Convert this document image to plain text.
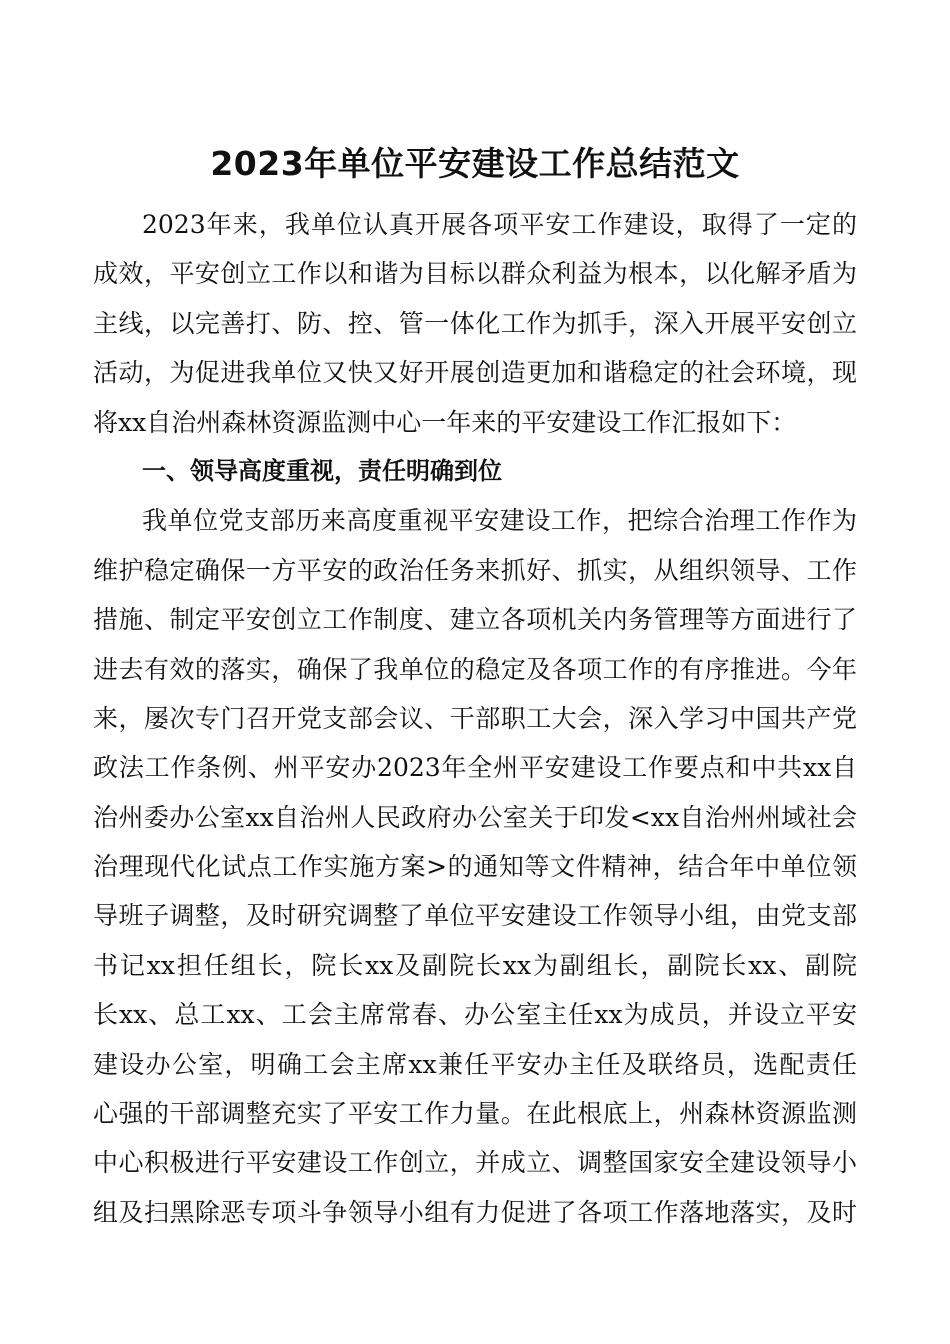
2023年单位平安建设工作总结范文
2023年来，我单位认真开展各项平安工作建设，取得了一定的
成效，平安创立工作以和谐为目标以群众利益为根本，以化解矛盾为
主线，以完善打、防、控、管一体化工作为抓手，深入开展平安创立
活动，为促进我单位又快又好开展创造更加和谐稳定的社会环境，现
将xx自治州森林资源监测中心一年来的平安建设工作汇报如下：
一、领导高度重视，责任明确到位
我单位党支部历来高度重视平安建设工作，把综合治理工作作为
维护稳定确保一方平安的政治任务来抓好、抓实，从组织领导、工作
措施、制定平安创立工作制度、建立各项机关内务管理等方面进行了
进去有效的落实，确保了我单位的稳定及各项工作的有序推进。今年
来，屡次专门召开党支部会议、干部职工大会，深入学习中国共产党
政法工作条例、州平安办2023年全州平安建设工作要点和中共xx自
治州委办公室xx自治州人民政府办公室关于印发<xx自治州州域社会
治理现代化试点工作实施方案>的通知等文件精神，结合年中单位领
导班子调整，及时研究调整了单位平安建设工作领导小组，由党支部
书记xx担任组长，院长xx及副院长xx为副组长，副院长xx、副院
长xx、总工xx、工会主席常春、办公室主任xx为成员，并设立平安
建设办公室，明确工会主席xx兼任平安办主任及联络员，选配责任
心强的干部调整充实了平安工作力量。在此根底上，州森林资源监测
中心积极进行平安建设工作创立，并成立、调整国家安全建设领导小
组及扫黑除恶专项斗争领导小组有力促进了各项工作落地落实，及时
